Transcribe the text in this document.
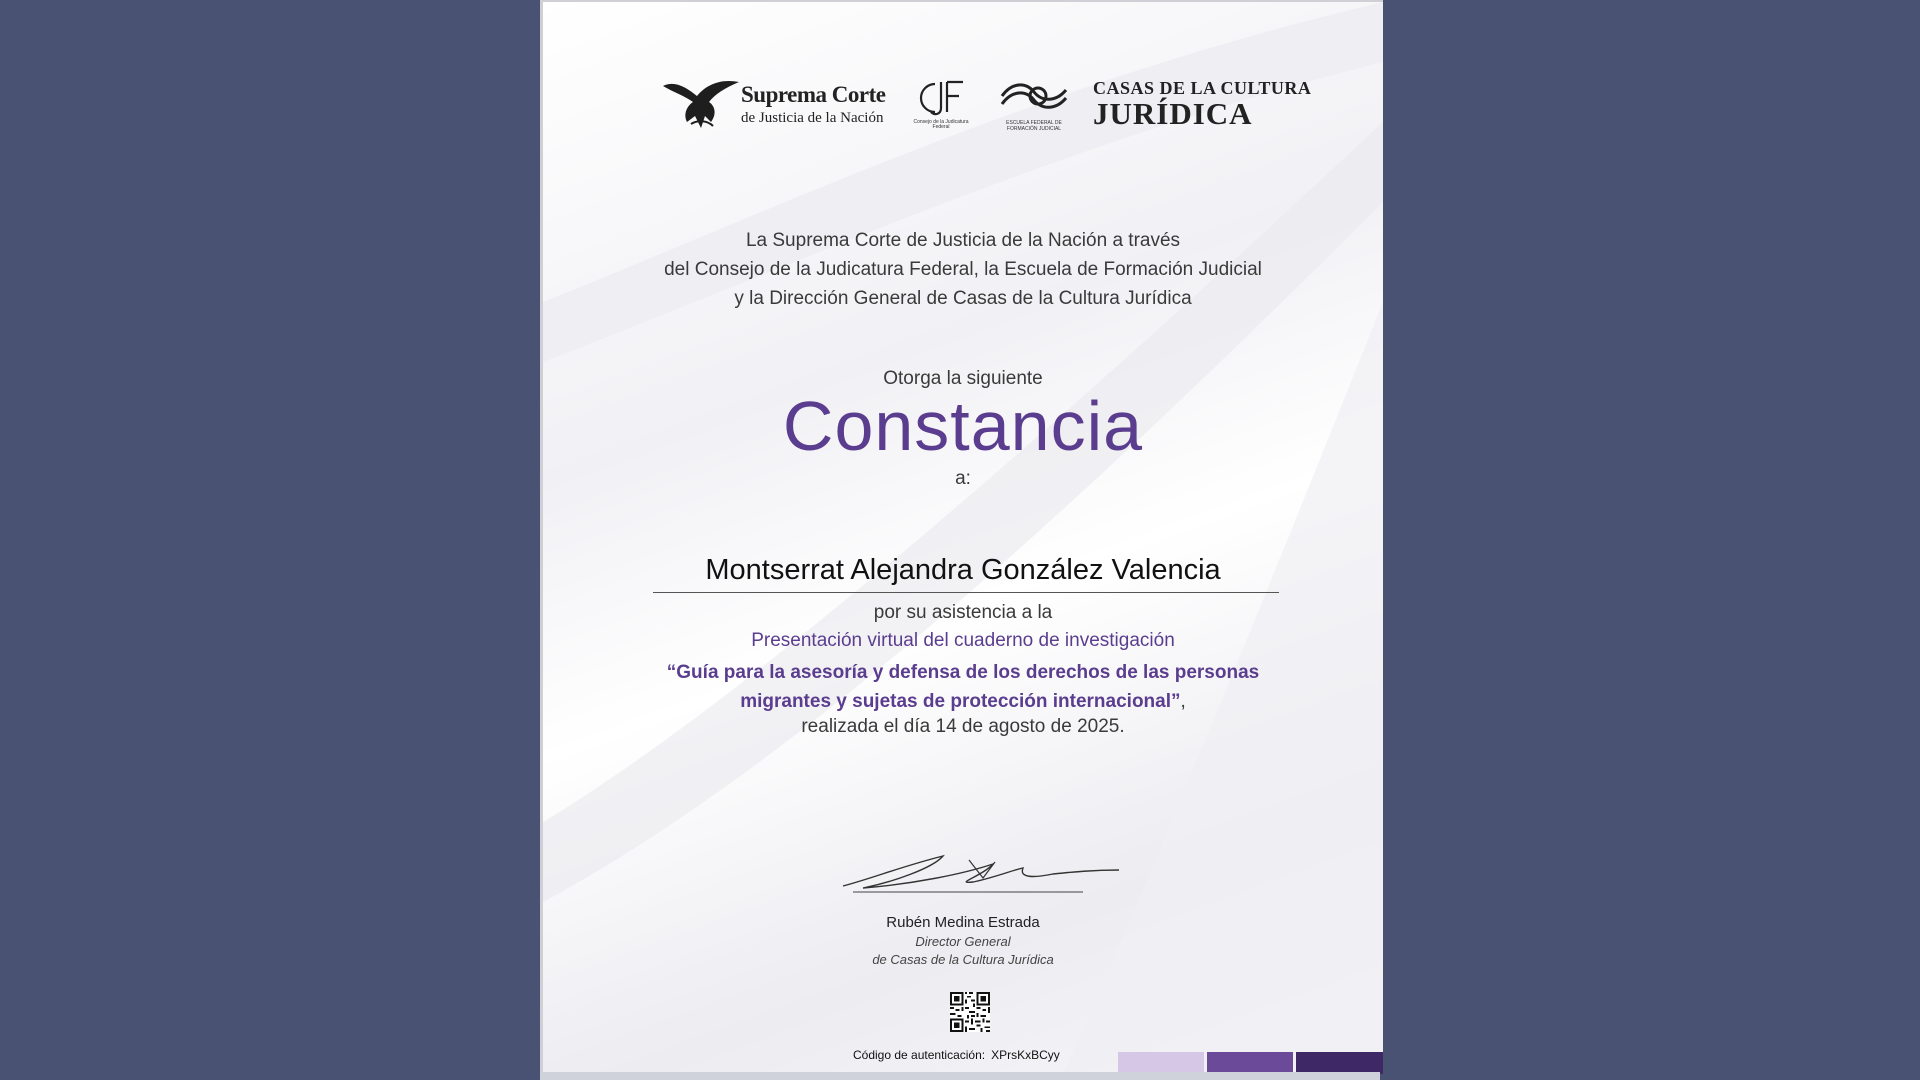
Suprema Corte
de Justicia de la Nación	Consejo de la Judicatura Federal
ESCUELA FEDERAL DE
FORMACIÓN JUDICIAL
CASAS DE LA CULTURA
JURÍDICA
La Suprema Corte de Justicia de la Nación a través
del Consejo de la Judicatura Federal, la Escuela de Formación Judicial
y la Dirección General de Casas de la Cultura Jurídica
Otorga la siguiente
Constancia
a:
Montserrat Alejandra González Valencia
por su asistencia a la
Presentación virtual del cuaderno de investigación
“Guía para la asesoría y defensa de los derechos de las personas
migrantes y sujetas de protección internacional”,
realizada el día 14 de agosto de 2025.
Rubén Medina Estrada
Director General
de Casas de la Cultura Jurídica
Código de autenticación: XPrsKxBCyy
